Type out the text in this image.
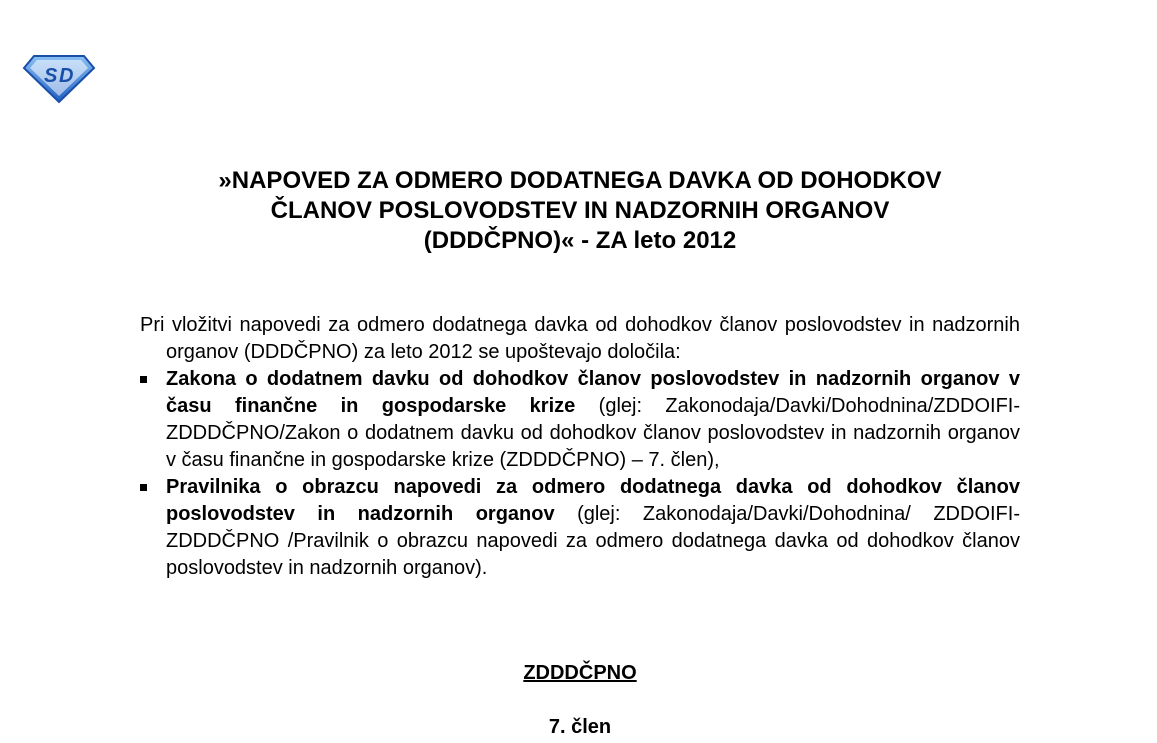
S D
»NAPOVED ZA ODMERO DODATNEGA DAVKA OD DOHODKOV
ČLANOV POSLOVODSTEV IN NADZORNIH ORGANOV
(DDDČPNO)« - ZA leto 2012

Pri vložitvi napovedi za odmero dodatnega davka od dohodkov članov poslovodstev in nadzornih organov (DDDČPNO) za leto 2012 se upoštevajo določila:

Zakona o dodatnem davku od dohodkov članov poslovodstev in nadzornih organov v času finančne in gospodarske krize (glej: Zakonodaja/Davki/Dohodnina/ZDDOIFI-ZDDDČPNO/Zakon o dodatnem davku od dohodkov članov poslovodstev in nadzornih organov v času finančne in gospodarske krize (ZDDDČPNO) – 7. člen),
Pravilnika o obrazcu napovedi za odmero dodatnega davka od dohodkov članov poslovodstev in nadzornih organov (glej: Zakonodaja/Davki/Dohodnina/ ZDDOIFI-ZDDDČPNO /Pravilnik o obrazcu napovedi za odmero dodatnega davka od dohodkov članov poslovodstev in nadzornih organov).
ZDDDČPNO
7. člen
